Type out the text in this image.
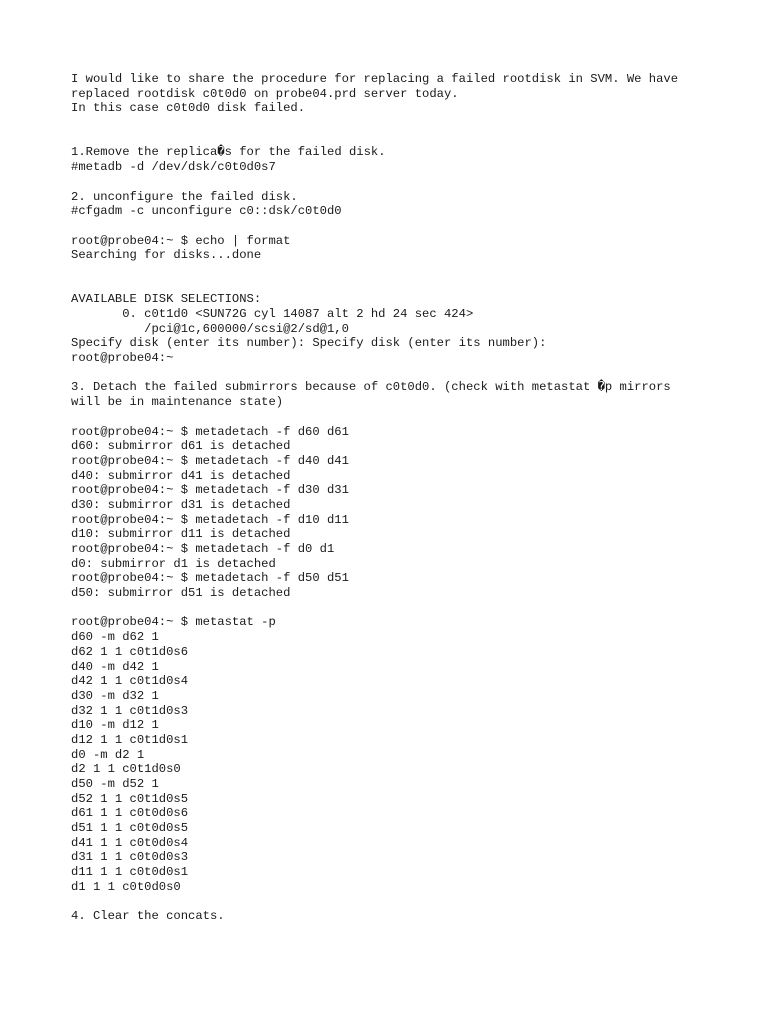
I would like to share the procedure for replacing a failed rootdisk in SVM. We have
replaced rootdisk c0t0d0 on probe04.prd server today.
In this case c0t0d0 disk failed.
1.Remove the replica�s for the failed disk.
#metadb -d /dev/dsk/c0t0d0s7
2. unconfigure the failed disk.
#cfgadm -c unconfigure c0::dsk/c0t0d0
root@probe04:~ $ echo | format
Searching for disks...done
AVAILABLE DISK SELECTIONS:
0. c0t1d0 <SUN72G cyl 14087 alt 2 hd 24 sec 424>
/pci@1c,600000/scsi@2/sd@1,0
Specify disk (enter its number): Specify disk (enter its number):
root@probe04:~
3. Detach the failed submirrors because of c0t0d0. (check with metastat �p mirrors
will be in maintenance state)
root@probe04:~ $ metadetach -f d60 d61
d60: submirror d61 is detached
root@probe04:~ $ metadetach -f d40 d41
d40: submirror d41 is detached
root@probe04:~ $ metadetach -f d30 d31
d30: submirror d31 is detached
root@probe04:~ $ metadetach -f d10 d11
d10: submirror d11 is detached
root@probe04:~ $ metadetach -f d0 d1
d0: submirror d1 is detached
root@probe04:~ $ metadetach -f d50 d51
d50: submirror d51 is detached
root@probe04:~ $ metastat -p
d60 -m d62 1
d62 1 1 c0t1d0s6
d40 -m d42 1
d42 1 1 c0t1d0s4
d30 -m d32 1
d32 1 1 c0t1d0s3
d10 -m d12 1
d12 1 1 c0t1d0s1
d0 -m d2 1
d2 1 1 c0t1d0s0
d50 -m d52 1
d52 1 1 c0t1d0s5
d61 1 1 c0t0d0s6
d51 1 1 c0t0d0s5
d41 1 1 c0t0d0s4
d31 1 1 c0t0d0s3
d11 1 1 c0t0d0s1
d1 1 1 c0t0d0s0
4. Clear the concats.
